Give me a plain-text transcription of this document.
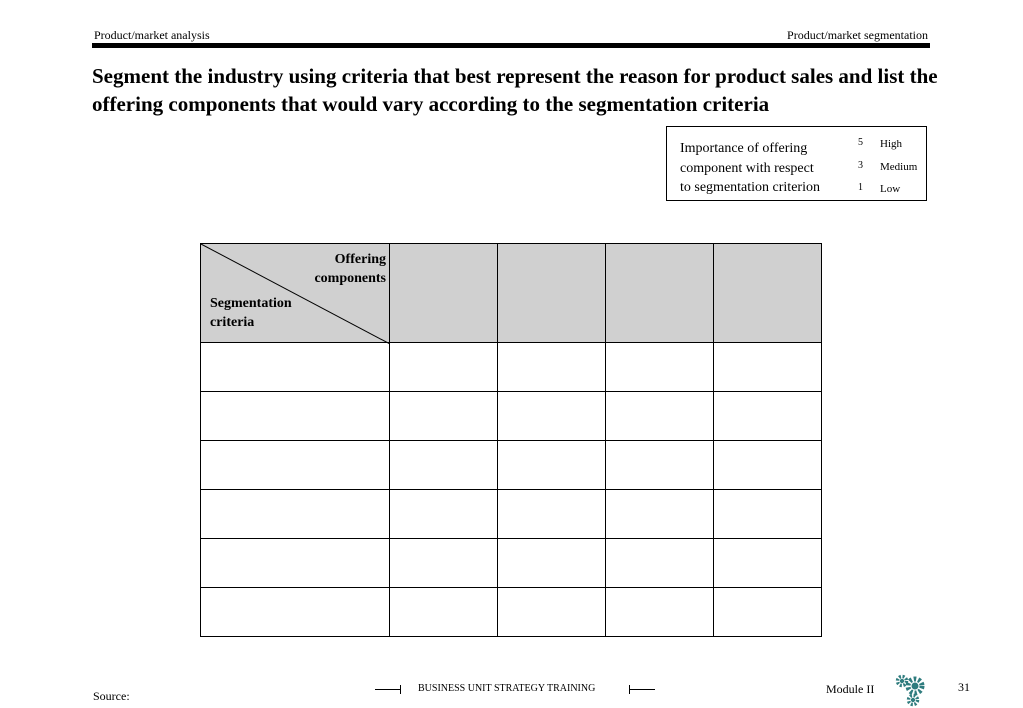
Product/market analysis	Product/market segmentation
Segment the industry using criteria that best represent the reason for product sales and list the offering components that would vary according to the segmentation criteria
Importance of offering
component with respect
to segmentation criterion
5 High
3 Medium
1 Low
Offering
components
Segmentation
criteria				

Source:
BUSINESS UNIT STRATEGY TRAINING	Module II	31
